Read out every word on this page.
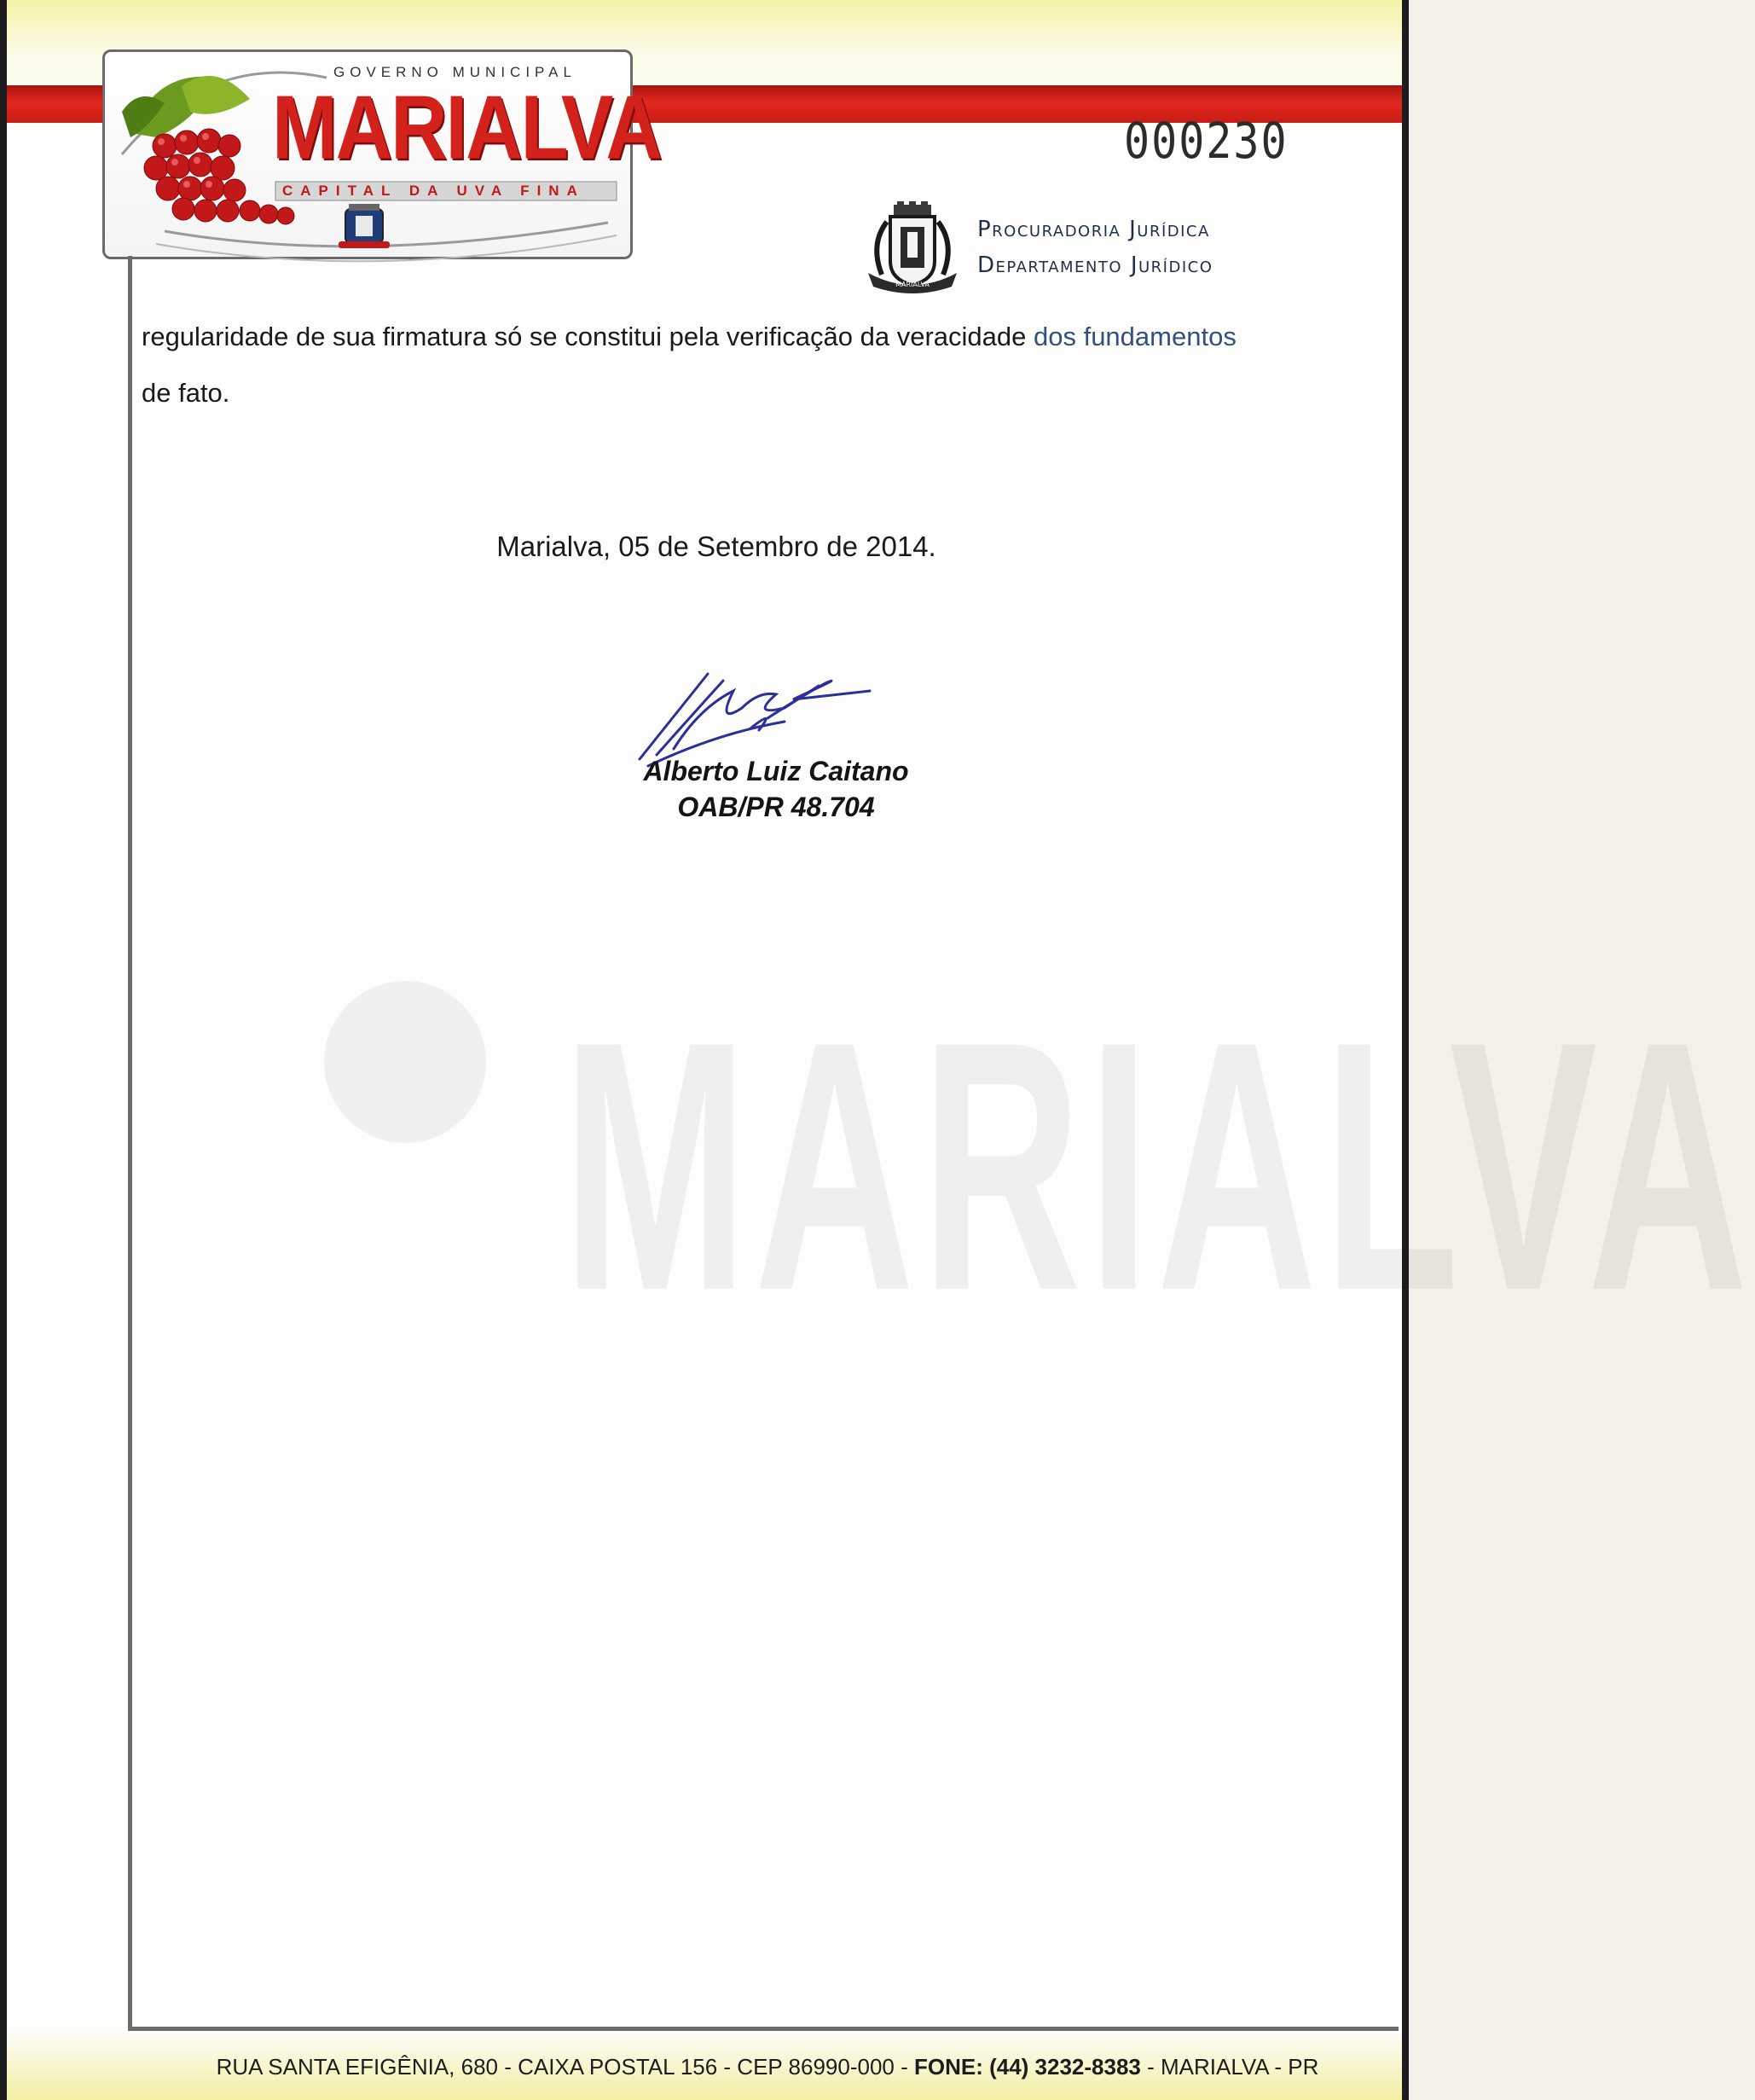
GOVERNO MUNICIPAL
MARIALVA
CAPITAL DA UVA FINA
000230
MARIALVA
Procuradoria Jurídica
Departamento Jurídico
MARIALVA

regularidade de sua firmatura só se constitui pela verificação da veracidade dos fundamentos

de fato.

Marialva, 05 de Setembro de 2014.
Alberto Luiz Caitano
OAB/PR 48.704
RUA SANTA EFIGÊNIA, 680 - CAIXA POSTAL 156 - CEP 86990-000 - FONE: (44) 3232-8383 - MARIALVA - PR
